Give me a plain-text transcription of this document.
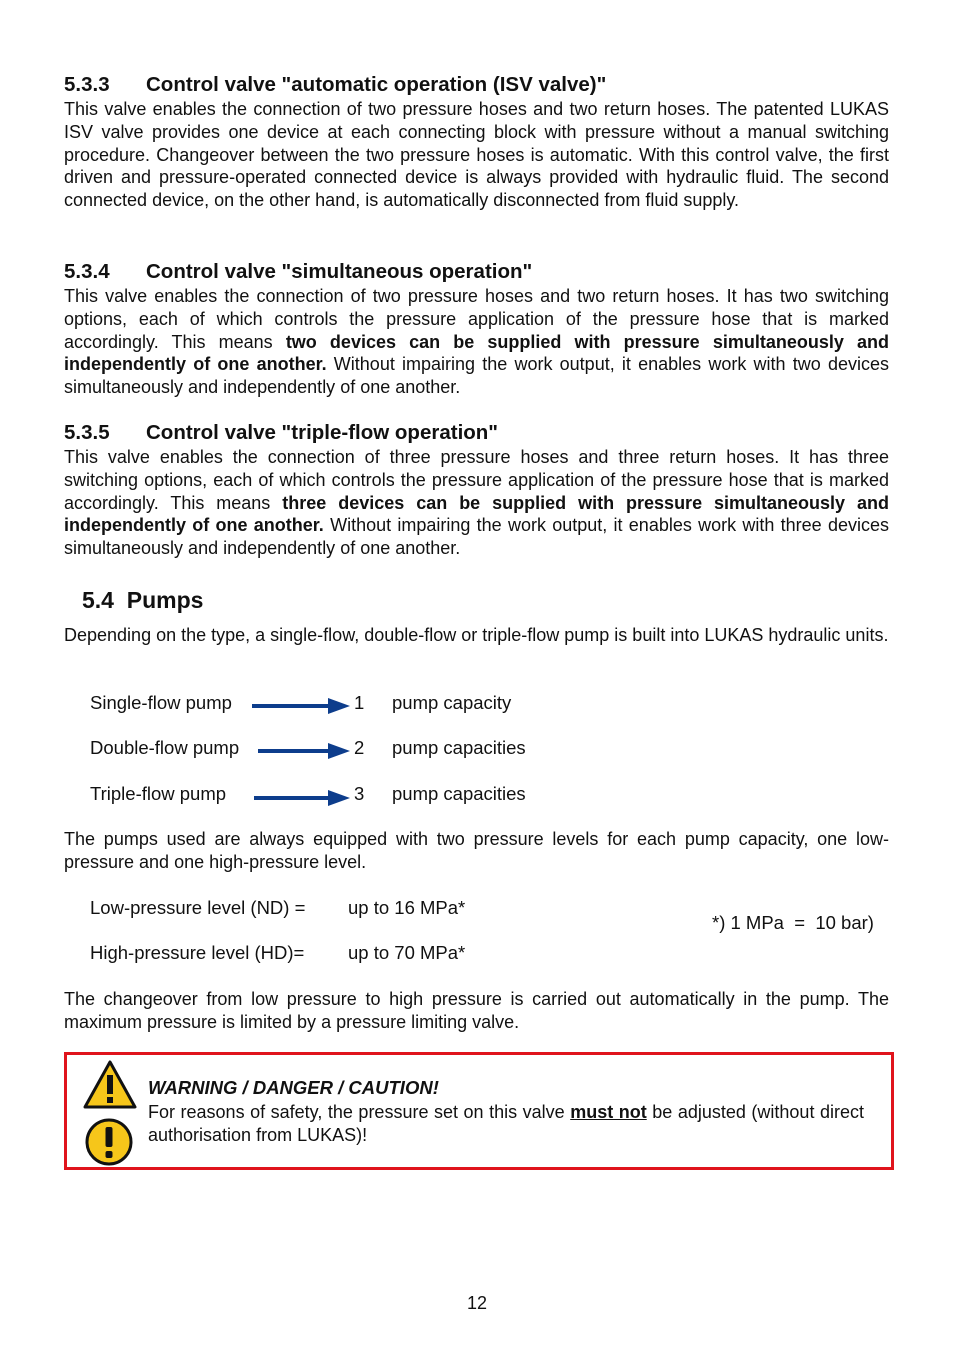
5.3.3 Control valve "automatic operation (ISV valve)"
This valve enables the connection of two pressure hoses and two return hoses. The patented LUKAS ISV valve provides one device at each connecting block with pressure without a manual switching procedure. Changeover between the two pressure hoses is automatic. With this control valve, the first driven and pressure-operated connected device is always provided with hydraulic fluid. The second connected device, on the other hand, is automatically disconnected from fluid supply.
5.3.4 Control valve "simultaneous operation"
This valve enables the connection of two pressure hoses and two return hoses. It has two switching options, each of which controls the pressure application of the pressure hose that is marked accordingly. This means two devices can be supplied with pressure simultaneously and independently of one another. Without impairing the work output, it enables work with two devices simultaneously and independently of one another.
5.3.5 Control valve "triple-flow operation"
This valve enables the connection of three pressure hoses and three return hoses. It has three switching options, each of which controls the pressure application of the pressure hose that is marked accordingly. This means three devices can be supplied with pressure simultaneously and independently of one another. Without impairing the work output, it enables work with three devices simultaneously and independently of one another.
5.4 Pumps
Depending on the type, a single-flow, double-flow or triple-flow pump is built into LUKAS hydraulic units.
Single-flow pump	1 pump capacity
Double-flow pump	2 pump capacities
Triple-flow pump	3 pump capacities
The pumps used are always equipped with two pressure levels for each pump capacity, one low-pressure and one high-pressure level.
Low-pressure level (ND) = up to 16 MPa*
High-pressure level (HD)= up to 70 MPa*
*) 1 MPa  =  10 bar)
The changeover from low pressure to high pressure is carried out automatically in the pump. The maximum pressure is limited by a pressure limiting valve.
WARNING / DANGER / CAUTION!
For reasons of safety, the pressure set on this valve must not be adjusted (without direct authorisation from LUKAS)!
12
